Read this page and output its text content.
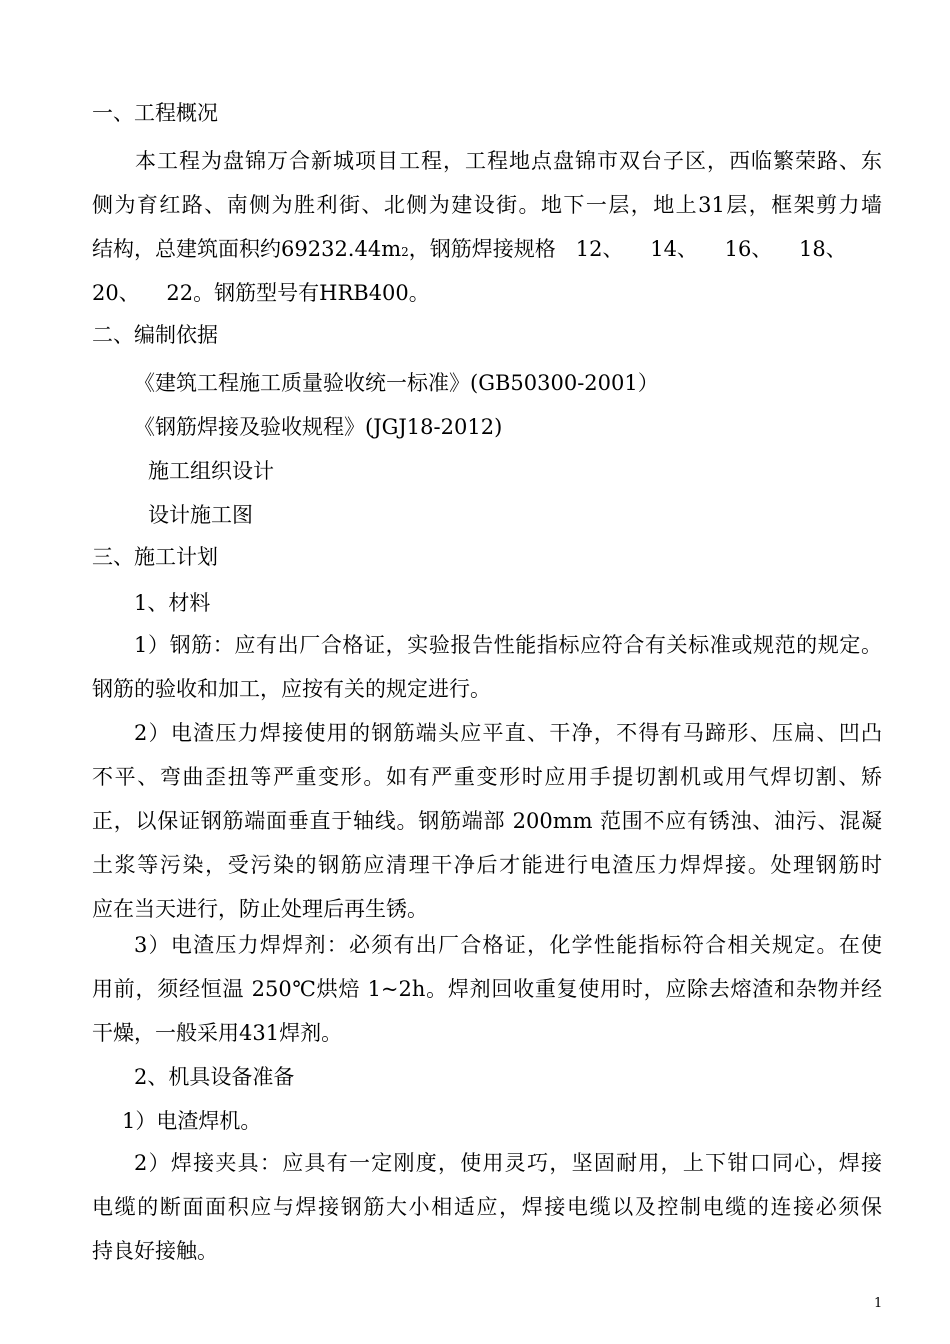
一、工程概况
本工程为盘锦万合新城项目工程，工程地点盘锦市双台子区，西临繁荣路、东
侧为育红路、南侧为胜利街、北侧为建设街。地下一层，地上31层，框架剪力墙
结构，总建筑面积约69232.44m2，钢筋焊接规格   12、    14、    16、    18、
20、    22。钢筋型号有HRB400。
二、编制依据
《建筑工程施工质量验收统一标准》(GB50300-2001）
《钢筋焊接及验收规程》(JGJ18-2012)
施工组织设计
设计施工图
三、施工计划
1、材料
1）钢筋：应有出厂合格证，实验报告性能指标应符合有关标准或规范的规定。
钢筋的验收和加工，应按有关的规定进行。
2）电渣压力焊接使用的钢筋端头应平直、干净，不得有马蹄形、压扁、凹凸
不平、弯曲歪扭等严重变形。如有严重变形时应用手提切割机或用气焊切割、矫
正，以保证钢筋端面垂直于轴线。钢筋端部 200mm 范围不应有锈浊、油污、混凝
土浆等污染，受污染的钢筋应清理干净后才能进行电渣压力焊焊接。处理钢筋时
应在当天进行，防止处理后再生锈。
3）电渣压力焊焊剂：必须有出厂合格证，化学性能指标符合相关规定。在使
用前，须经恒温 250℃烘焙 1~2h。焊剂回收重复使用时，应除去熔渣和杂物并经
干燥，一般采用431焊剂。
2、机具设备准备
1）电渣焊机。
2）焊接夹具：应具有一定刚度，使用灵巧，坚固耐用，上下钳口同心，焊接
电缆的断面面积应与焊接钢筋大小相适应，焊接电缆以及控制电缆的连接必须保
持良好接触。
1
